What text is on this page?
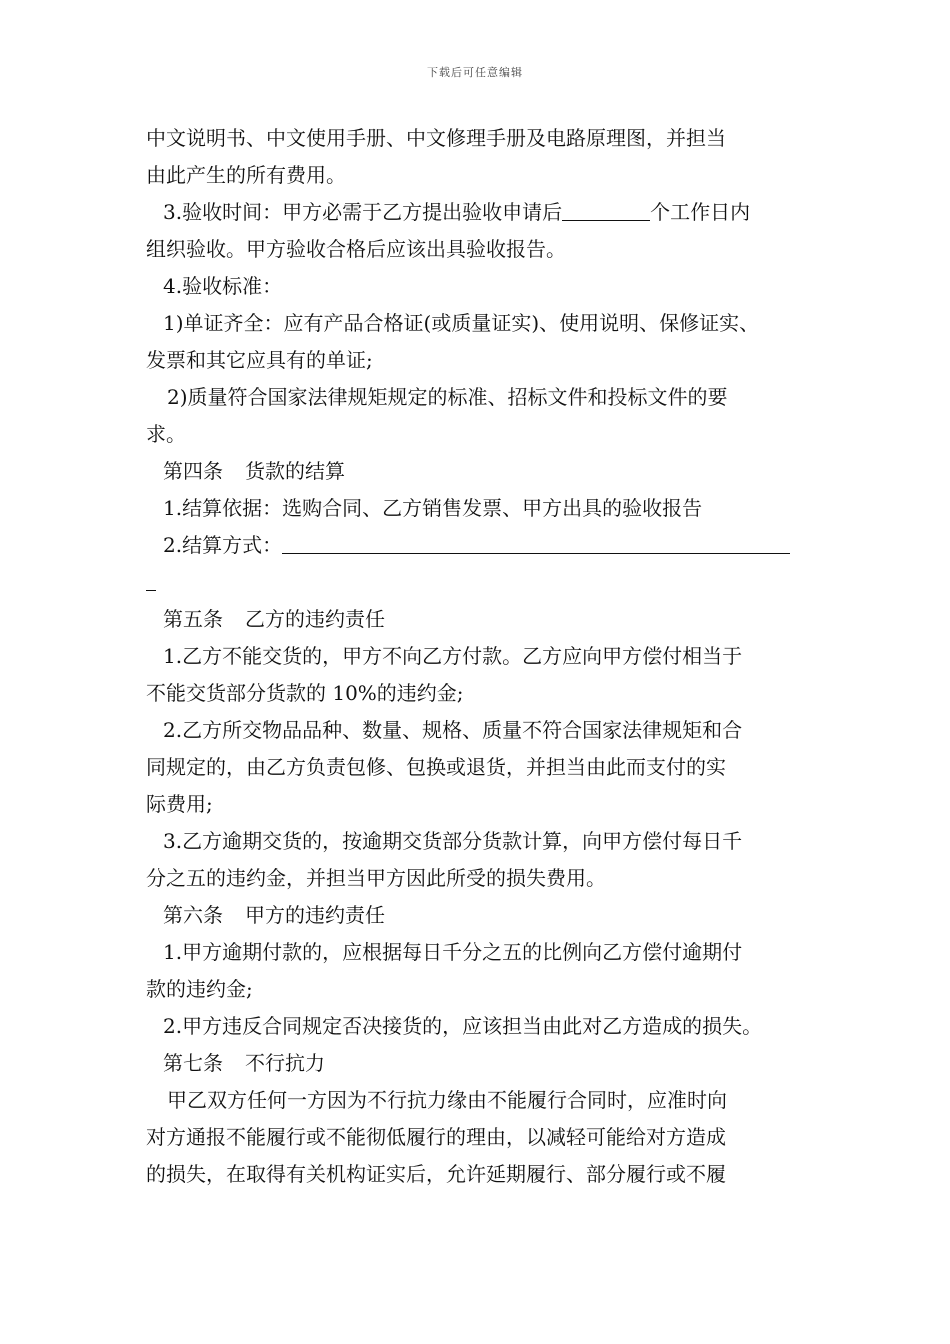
下载后可任意编辑
中文说明书、中文使用手册、中文修理手册及电路原理图，并担当
由此产生的所有费用。
3.验收时间：甲方必需于乙方提出验收申请后	个工作日内
组织验收。甲方验收合格后应该出具验收报告。
4.验收标准：
1)单证齐全：应有产品合格证(或质量证实)、使用说明、保修证实、
发票和其它应具有的单证;
2)质量符合国家法律规矩规定的标准、招标文件和投标文件的要
求。
第四条 货款的结算
1.结算依据：选购合同、乙方销售发票、甲方出具的验收报告
2.结算方式：
第五条 乙方的违约责任
1.乙方不能交货的，甲方不向乙方付款。乙方应向甲方偿付相当于
不能交货部分货款的 10%的违约金;
2.乙方所交物品品种、数量、规格、质量不符合国家法律规矩和合
同规定的，由乙方负责包修、包换或退货，并担当由此而支付的实
际费用;
3.乙方逾期交货的，按逾期交货部分货款计算，向甲方偿付每日千
分之五的违约金，并担当甲方因此所受的损失费用。
第六条 甲方的违约责任
1.甲方逾期付款的，应根据每日千分之五的比例向乙方偿付逾期付
款的违约金;
2.甲方违反合同规定否决接货的，应该担当由此对乙方造成的损失。
第七条 不行抗力
甲乙双方任何一方因为不行抗力缘由不能履行合同时，应准时向
对方通报不能履行或不能彻低履行的理由，以减轻可能给对方造成
的损失，在取得有关机构证实后，允许延期履行、部分履行或不履
